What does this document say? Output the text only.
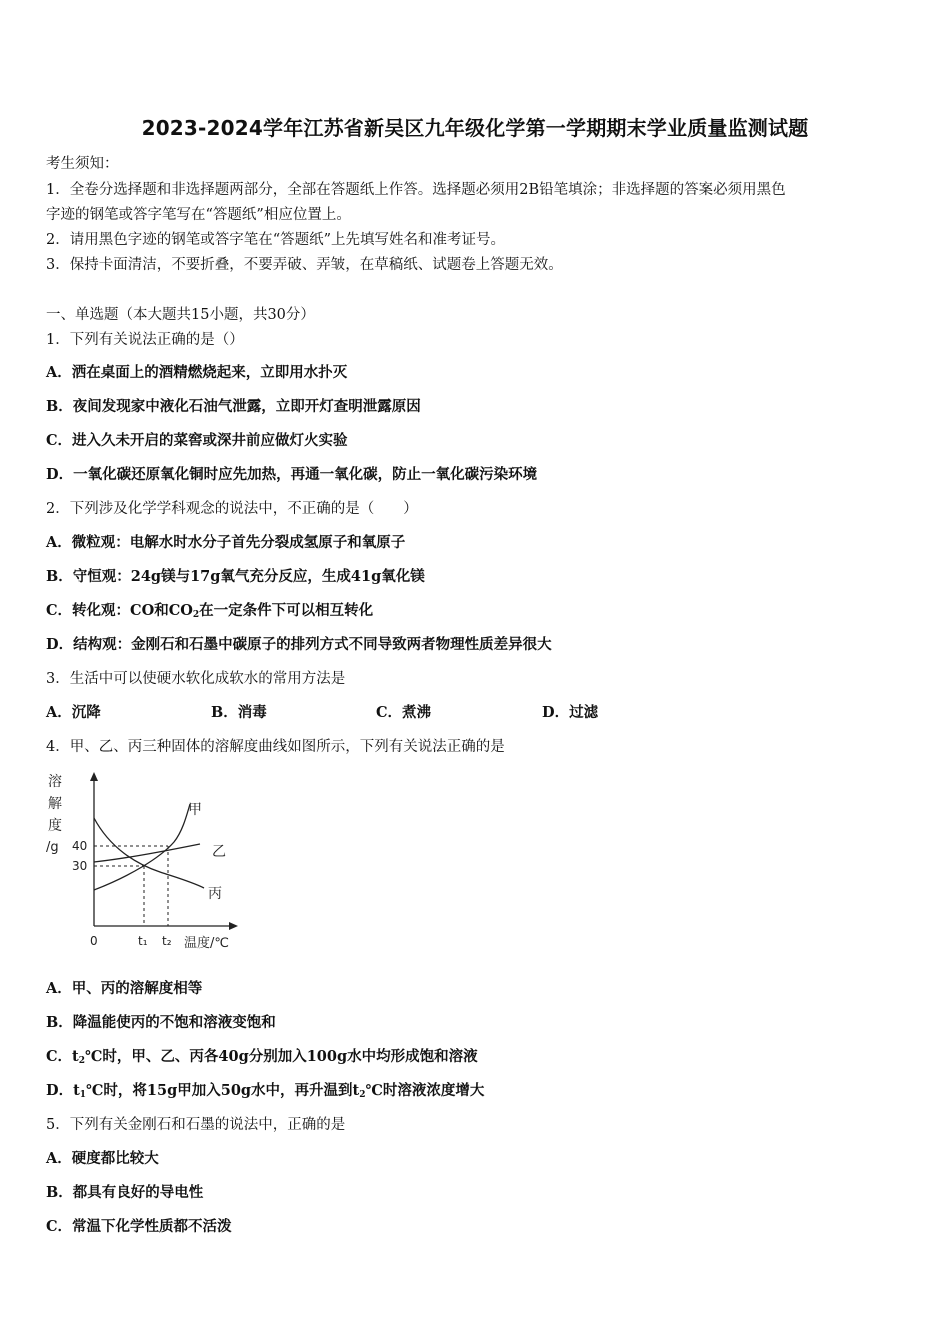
2023-2024学年江苏省新吴区九年级化学第一学期期末学业质量监测试题
考生须知：
1．全卷分选择题和非选择题两部分，全部在答题纸上作答。选择题必须用2B铅笔填涂；非选择题的答案必须用黑色
字迹的钢笔或答字笔写在“答题纸”相应位置上。
2．请用黑色字迹的钢笔或答字笔在“答题纸”上先填写姓名和准考证号。
3．保持卡面清洁，不要折叠，不要弄破、弄皱，在草稿纸、试题卷上答题无效。
一、单选题（本大题共15小题，共30分）
1．下列有关说法正确的是（）
A．洒在桌面上的酒精燃烧起来，立即用水扑灭
B．夜间发现家中液化石油气泄露，立即开灯查明泄露原因
C．进入久未开启的菜窖或深井前应做灯火实验
D．一氧化碳还原氧化铜时应先加热，再通一氧化碳，防止一氧化碳污染环境
2．下列涉及化学学科观念的说法中，不正确的是（　　）
A．微粒观：电解水时水分子首先分裂成氢原子和氧原子
B．守恒观：24g镁与17g氧气充分反应，生成41g氧化镁
C．转化观：CO和$CO_2$在一定条件下可以相互转化
D．结构观：金刚石和石墨中碳原子的排列方式不同导致两者物理性质差异很大
3．生活中可以使硬水软化成软水的常用方法是
A．沉降	B．消毒	C．煮沸	D．过滤
4．甲、乙、丙三种固体的溶解度曲线如图所示，下列有关说法正确的是
溶
解
度
/g 40
30
甲
乙
丙
0	t₁ t₂ 温度/℃
A．甲、丙的溶解度相等
B．降温能使丙的不饱和溶液变饱和
C．$t_2℃$时，甲、乙、丙各40g分别加入100g水中均形成饱和溶液
D．$t_1℃$时，将15g甲加入50g水中，再升温到$t_2℃$时溶液浓度增大
5．下列有关金刚石和石墨的说法中，正确的是
A．硬度都比较大
B．都具有良好的导电性
C．常温下化学性质都不活泼
